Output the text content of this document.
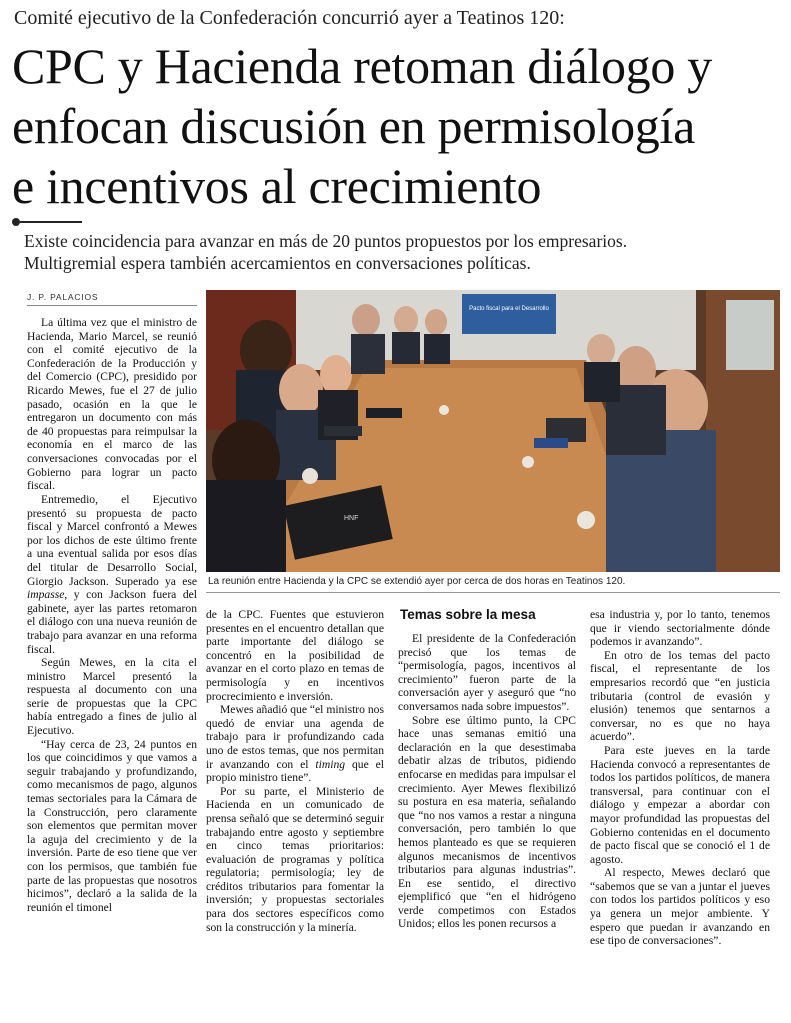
Comité ejecutivo de la Confederación concurrió ayer a Teatinos 120:
CPC y Hacienda retoman diálogo y
enfocan discusión en permisología
e incentivos al crecimiento
Existe coincidencia para avanzar en más de 20 puntos propuestos por los empresarios.
Multigremial espera también acercamientos en conversaciones políticas.
J. P. PALACIOS
Pacto fiscal para el Desarrollo
HNF
La reunión entre Hacienda y la CPC se extendió ayer por cerca de dos horas en Teatinos 120.

La última vez que el ministro de Hacienda, Mario Marcel, se reunió con el comité ejecutivo de la Confederación de la Producción y del Comercio (CPC), presidido por Ricardo Mewes, fue el 27 de julio pasado, ocasión en la que le entregaron un documento con más de 40 propuestas para reimpulsar la economía en el marco de las conversaciones convocadas por el Gobierno para lograr un pacto fiscal.

Entremedio, el Ejecutivo presentó su propuesta de pacto fiscal y Marcel confrontó a Mewes por los dichos de este último frente a una eventual salida por esos días del titular de Desarrollo Social, Giorgio Jackson. Superado ya ese impasse, y con Jackson fuera del gabinete, ayer las partes retomaron el diálogo con una nueva reunión de trabajo para avanzar en una reforma fiscal.

Según Mewes, en la cita el ministro Marcel presentó la respuesta al documento con una serie de propuestas que la CPC había entregado a fines de julio al Ejecutivo.

“Hay cerca de 23, 24 puntos en los que coincidimos y que vamos a seguir trabajando y profundizando, como mecanismos de pago, algunos temas sectoriales para la Cámara de la Construcción, pero claramente son elementos que permitan mover la aguja del crecimiento y de la inversión. Parte de eso tiene que ver con los permisos, que también fue parte de las propuestas que nosotros hicimos”, declaró a la salida de la reunión el timonel

de la CPC. Fuentes que estuvieron presentes en el encuentro detallan que parte importante del diálogo se concentró en la posibilidad de avanzar en el corto plazo en temas de permisología y en incentivos procrecimiento e inversión.

Mewes añadió que “el ministro nos quedó de enviar una agenda de trabajo para ir profundizando cada uno de estos temas, que nos permitan ir avanzando con el timing que el propio ministro tiene”.

Por su parte, el Ministerio de Hacienda en un comunicado de prensa señaló que se determinó seguir trabajando entre agosto y septiembre en cinco temas prioritarios: evaluación de programas y política regulatoria; permisología; ley de créditos tributarios para fomentar la inversión; y propuestas sectoriales para dos sectores específicos como son la construcción y la minería.

Temas sobre la mesa

El presidente de la Confederación precisó que los temas de “permisología, pagos, incentivos al crecimiento” fueron parte de la conversación ayer y aseguró que “no conversamos nada sobre impuestos”.

Sobre ese último punto, la CPC hace unas semanas emitió una declaración en la que desestimaba debatir alzas de tributos, pidiendo enfocarse en medidas para impulsar el crecimiento. Ayer Mewes flexibilizó su postura en esa materia, señalando que “no nos vamos a restar a ninguna conversación, pero también lo que hemos planteado es que se requieren algunos mecanismos de incentivos tributarios para algunas industrias”. En ese sentido, el directivo ejemplificó que “en el hidrógeno verde competimos con Estados Unidos; ellos les ponen recursos a

esa industria y, por lo tanto, tenemos que ir viendo sectorialmente dónde podemos ir avanzando”.

En otro de los temas del pacto fiscal, el representante de los empresarios recordó que “en justicia tributaria (control de evasión y elusión) tenemos que sentarnos a conversar, no es que no haya acuerdo”.

Para este jueves en la tarde Hacienda convocó a representantes de todos los partidos políticos, de manera transversal, para continuar con el diálogo y empezar a abordar con mayor profundidad las propuestas del Gobierno contenidas en el documento de pacto fiscal que se conoció el 1 de agosto.

Al respecto, Mewes declaró que “sabemos que se van a juntar el jueves con todos los partidos políticos y eso ya genera un mejor ambiente. Y espero que puedan ir avanzando en ese tipo de conversaciones”.
